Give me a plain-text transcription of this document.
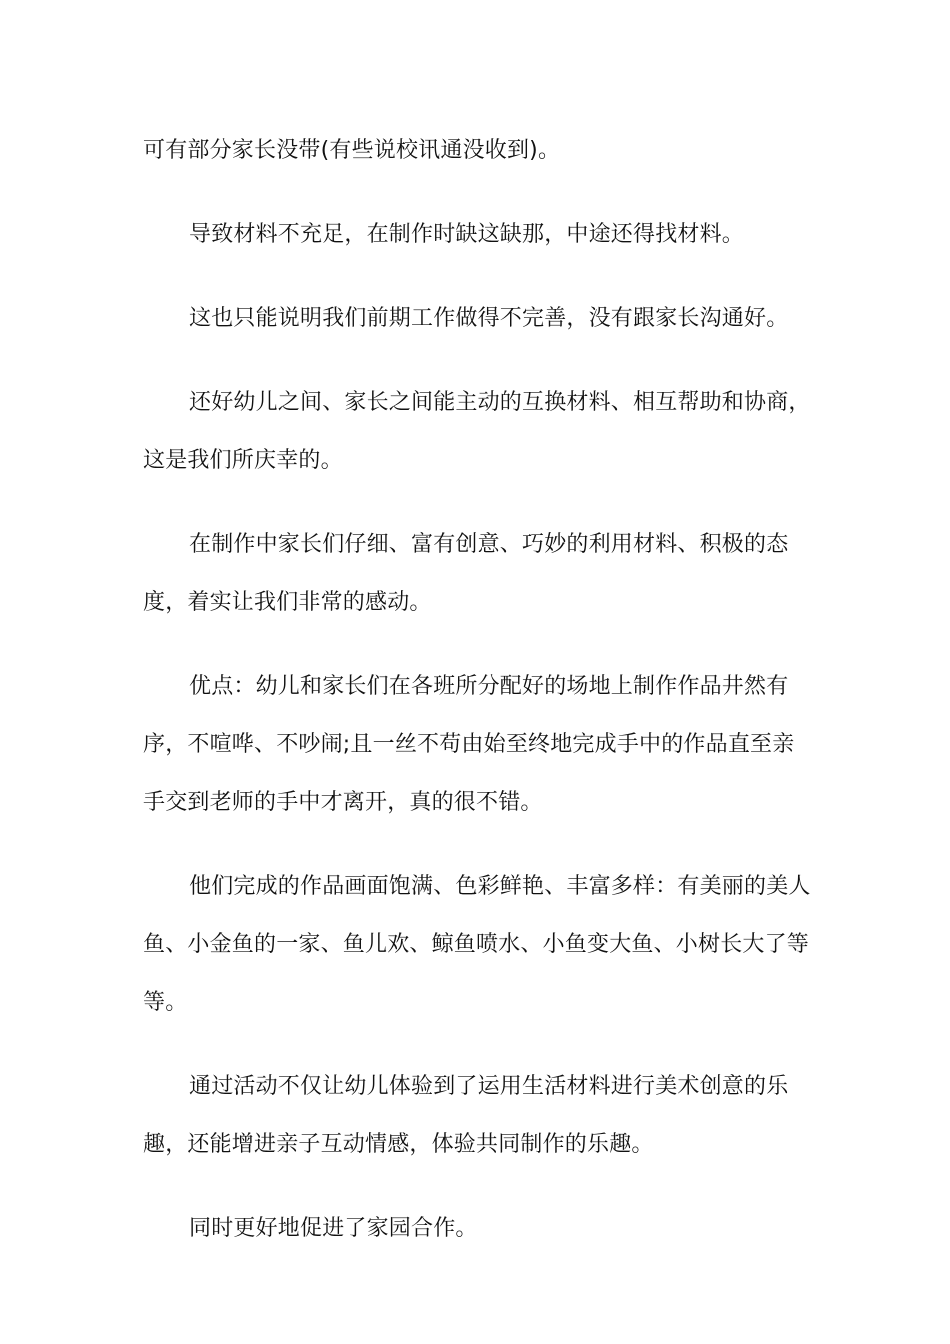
可有部分家长没带(有些说校讯通没收到)。

导致材料不充足，在制作时缺这缺那，中途还得找材料。

这也只能说明我们前期工作做得不完善，没有跟家长沟通好。

还好幼儿之间、家长之间能主动的互换材料、相互帮助和协商，这是我们所庆幸的。

在制作中家长们仔细、富有创意、巧妙的利用材料、积极的态度，着实让我们非常的感动。

优点：幼儿和家长们在各班所分配好的场地上制作作品井然有序，不喧哗、不吵闹;且一丝不苟由始至终地完成手中的作品直至亲手交到老师的手中才离开，真的很不错。

他们完成的作品画面饱满、色彩鲜艳、丰富多样：有美丽的美人鱼、小金鱼的一家、鱼儿欢、鲸鱼喷水、小鱼变大鱼、小树长大了等等。

通过活动不仅让幼儿体验到了运用生活材料进行美术创意的乐趣，还能增进亲子互动情感，体验共同制作的乐趣。

同时更好地促进了家园合作。
